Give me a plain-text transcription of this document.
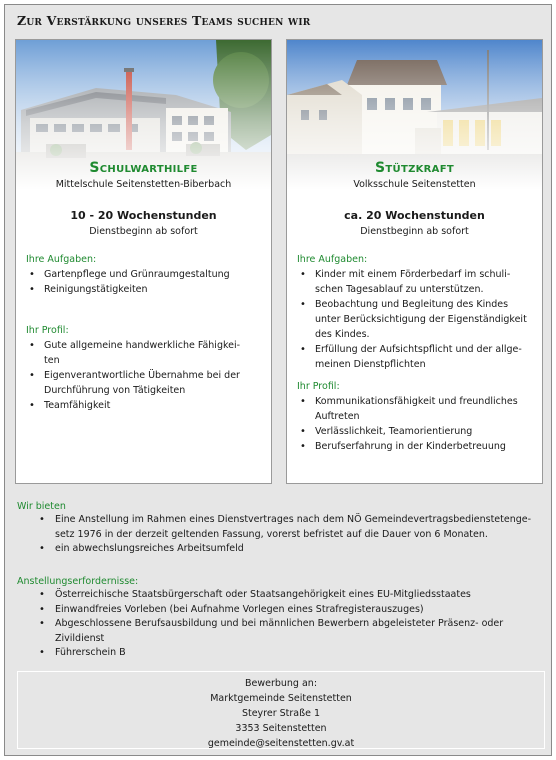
Zur Verstärkung unseres Teams suchen wir
Schulwarthilfe
Mittelschule Seitenstetten-Biberbach
10 - 20 Wochenstunden
Dienstbeginn ab sofort
Ihre Aufgaben:
• Gartenpflege und Grünraumgestaltung
• Reinigungstätigkeiten
Ihr Profil:
• Gute allgemeine handwerkliche Fähigkei-
ten
• Eigenverantwortliche Übernahme bei der
Durchführung von Tätigkeiten
• Teamfähigkeit
Stützkraft
Volksschule Seitenstetten
ca. 20 Wochenstunden
Dienstbeginn ab sofort
Ihre Aufgaben:
• Kinder mit einem Förderbedarf im schuli-
schen Tagesablauf zu unterstützen.
• Beobachtung und Begleitung des Kindes
unter Berücksichtigung der Eigenständigkeit
des Kindes.
• Erfüllung der Aufsichtspflicht und der allge-
meinen Dienstpflichten
Ihr Profil:
• Kommunikationsfähigkeit und freundliches
Auftreten
• Verlässlichkeit, Teamorientierung
• Berufserfahrung in der Kinderbetreuung
Wir bieten
• Eine Anstellung im Rahmen eines Dienstvertrages nach dem NÖ Gemeindevertragsbedienstetenge-
setz 1976 in der derzeit geltenden Fassung, vorerst befristet auf die Dauer von 6 Monaten.
• ein abwechslungsreiches Arbeitsumfeld
Anstellungserfordernisse:
• Österreichische Staatsbürgerschaft oder Staatsangehörigkeit eines EU-Mitgliedsstaates
• Einwandfreies Vorleben (bei Aufnahme Vorlegen eines Strafregisterauszuges)
• Abgeschlossene Berufsausbildung und bei männlichen Bewerbern abgeleisteter Präsenz- oder
Zivildienst
• Führerschein B
Bewerbung an:
Marktgemeinde Seitenstetten
Steyrer Straße 1
3353 Seitenstetten
gemeinde@seitenstetten.gv.at
